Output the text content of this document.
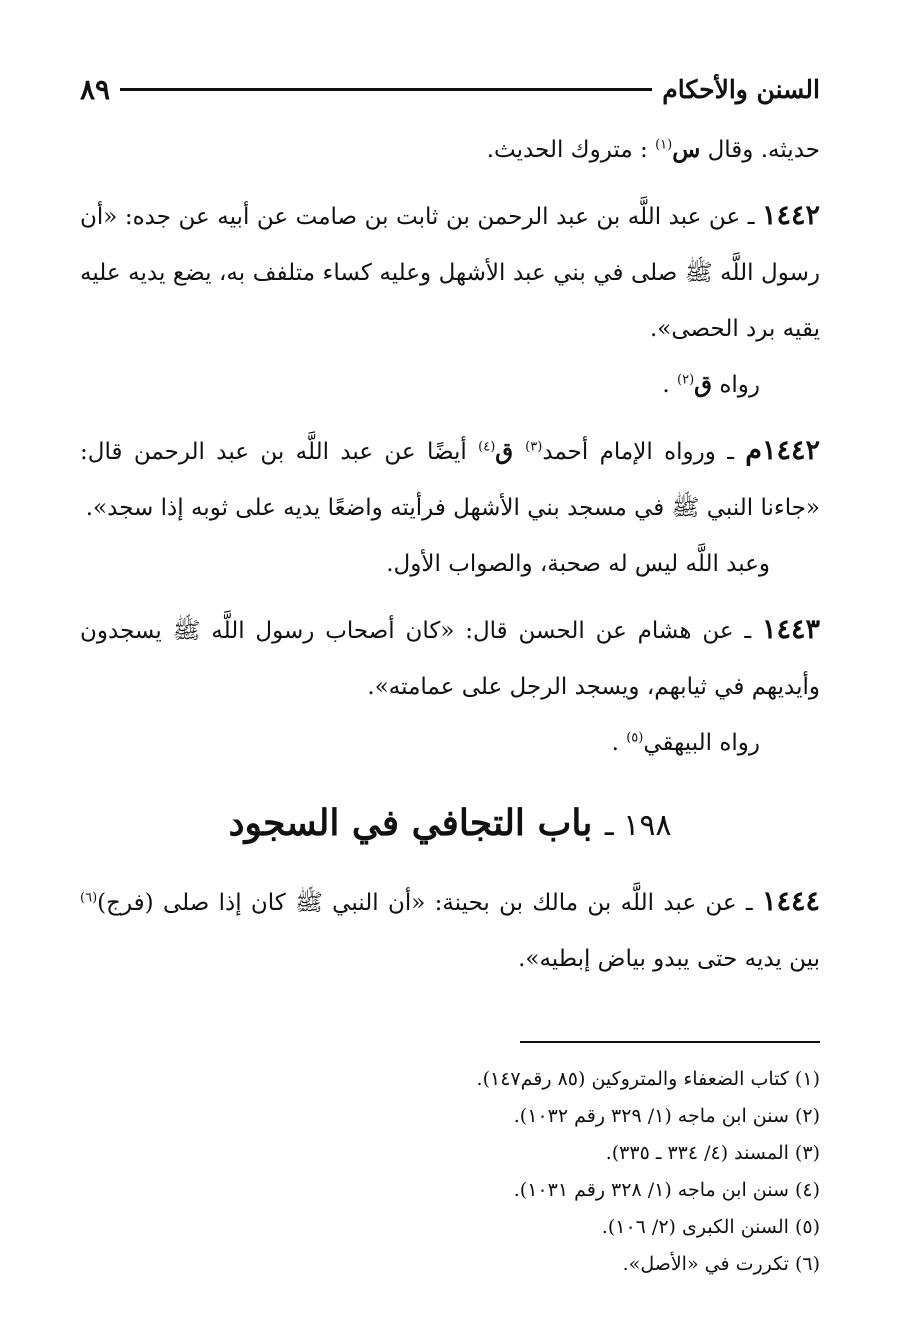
السنن والأحكام
٨٩

حديثه. وقال س$^{(١)}$ : متروك الحديث.

١٤٤٢ ـ عن عبد اللَّه بن عبد الرحمن بن ثابت بن صامت عن أبيه عن جده: «أن رسول اللَّه ﷺ صلى في بني عبد الأشهل وعليه كساء متلفف به، يضع يديه عليه يقيه برد الحصى».

رواه ق$^{(٢)}$ .

١٤٤٢م ـ ورواه الإمام أحمد$^{(٣)}$ ق$^{(٤)}$ أيضًا عن عبد اللَّه بن عبد الرحمن قال: «جاءنا النبي ﷺ في مسجد بني الأشهل فرأيته واضعًا يديه على ثوبه إذا سجد».

وعبد اللَّه ليس له صحبة، والصواب الأول.

١٤٤٣ ـ عن هشام عن الحسن قال: «كان أصحاب رسول اللَّه ﷺ يسجدون وأيديهم في ثيابهم، ويسجد الرجل على عمامته».

رواه البيهقي$^{(٥)}$ .

١٩٨ ـ باب التجافي في السجود

١٤٤٤ ـ عن عبد اللَّه بن مالك بن بحينة: «أن النبي ﷺ كان إذا صلى (فرج)$^{(٦)}$ بين يديه حتى يبدو بياض إبطيه».

(١) كتاب الضعفاء والمتروكين (٨٥ رقم١٤٧).

(٢) سنن ابن ماجه (١/ ٣٢٩ رقم ١٠٣٢).

(٣) المسند (٤/ ٣٣٤ ـ ٣٣٥).

(٤) سنن ابن ماجه (١/ ٣٢٨ رقم ١٠٣١).

(٥) السنن الكبرى (٢/ ١٠٦).

(٦) تكررت في «الأصل».
